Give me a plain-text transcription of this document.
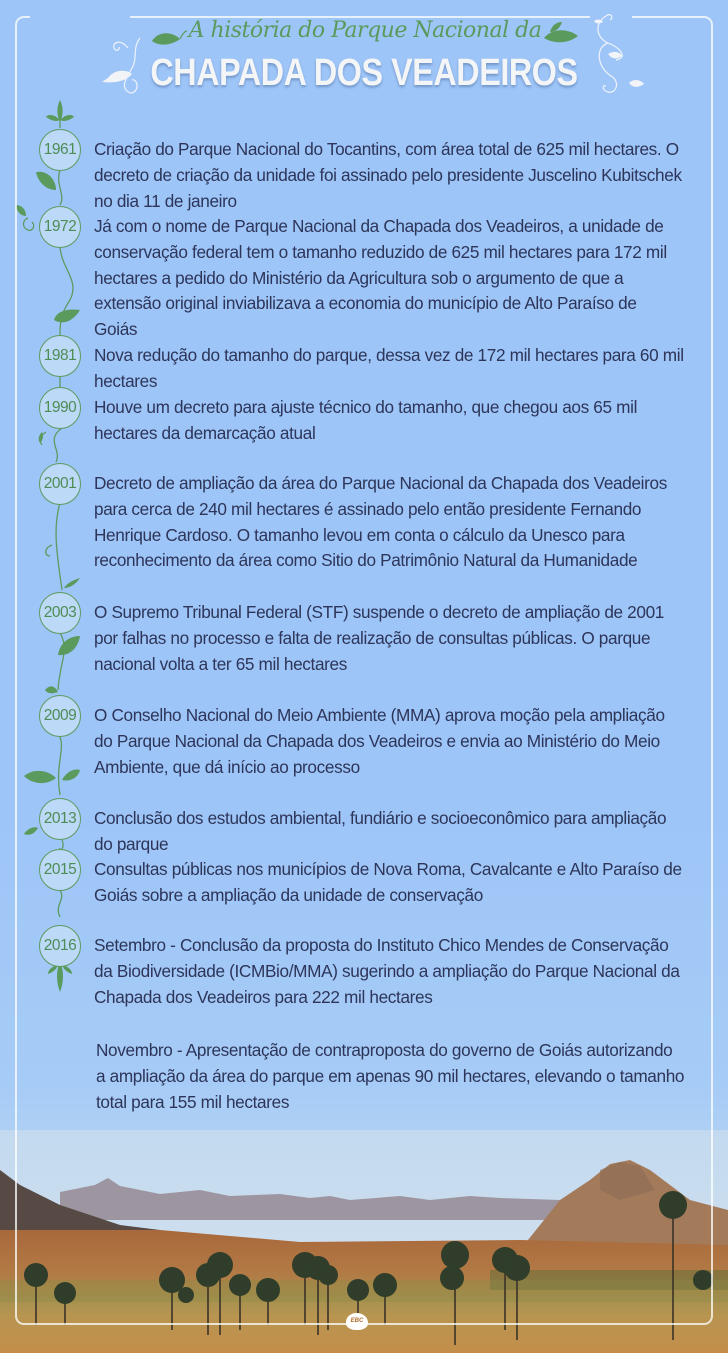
A história do Parque Nacional da
CHAPADA DOS VEADEIROS
1961 Criação do Parque Nacional do Tocantins, com área total de 625 mil hectares. O decreto de criação da unidade foi assinado pelo presidente Juscelino Kubitschek no dia 11 de janeiro
1972 Já com o nome de Parque Nacional da Chapada dos Veadeiros, a unidade de conservação federal tem o tamanho reduzido de 625 mil hectares para 172 mil hectares a pedido do Ministério da Agricultura sob o argumento de que a extensão original inviabilizava a economia do município de Alto Paraíso de Goiás
1981 Nova redução do tamanho do parque, dessa vez de 172 mil hectares para 60 mil hectares
1990 Houve um decreto para ajuste técnico do tamanho, que chegou aos 65 mil hectares da demarcação atual
2001 Decreto de ampliação da área do Parque Nacional da Chapada dos Veadeiros para cerca de 240 mil hectares é assinado pelo então presidente Fernando Henrique Cardoso. O tamanho levou em conta o cálculo da Unesco para reconhecimento da área como Sitio do Patrimônio Natural da Humanidade
2003 O Supremo Tribunal Federal (STF) suspende o decreto de ampliação de 2001 por falhas no processo e falta de realização de consultas públicas. O parque nacional volta a ter 65 mil hectares
2009 O Conselho Nacional do Meio Ambiente (MMA) aprova moção pela ampliação do Parque Nacional da Chapada dos Veadeiros e envia ao Ministério do Meio Ambiente, que dá início ao processo
2013 Conclusão dos estudos ambiental, fundiário e socioeconômico para ampliação do parque
2015 Consultas públicas nos municípios de Nova Roma, Cavalcante e Alto Paraíso de Goiás sobre a ampliação da unidade de conservação
2016 Setembro - Conclusão da proposta do Instituto Chico Mendes de Conservação da Biodiversidade (ICMBio/MMA) sugerindo a ampliação do Parque Nacional da Chapada dos Veadeiros para 222 mil hectares
Novembro - Apresentação de contraproposta do governo de Goiás autorizando a ampliação da área do parque em apenas 90 mil hectares, elevando o tamanho total para 155 mil hectares
EBC
